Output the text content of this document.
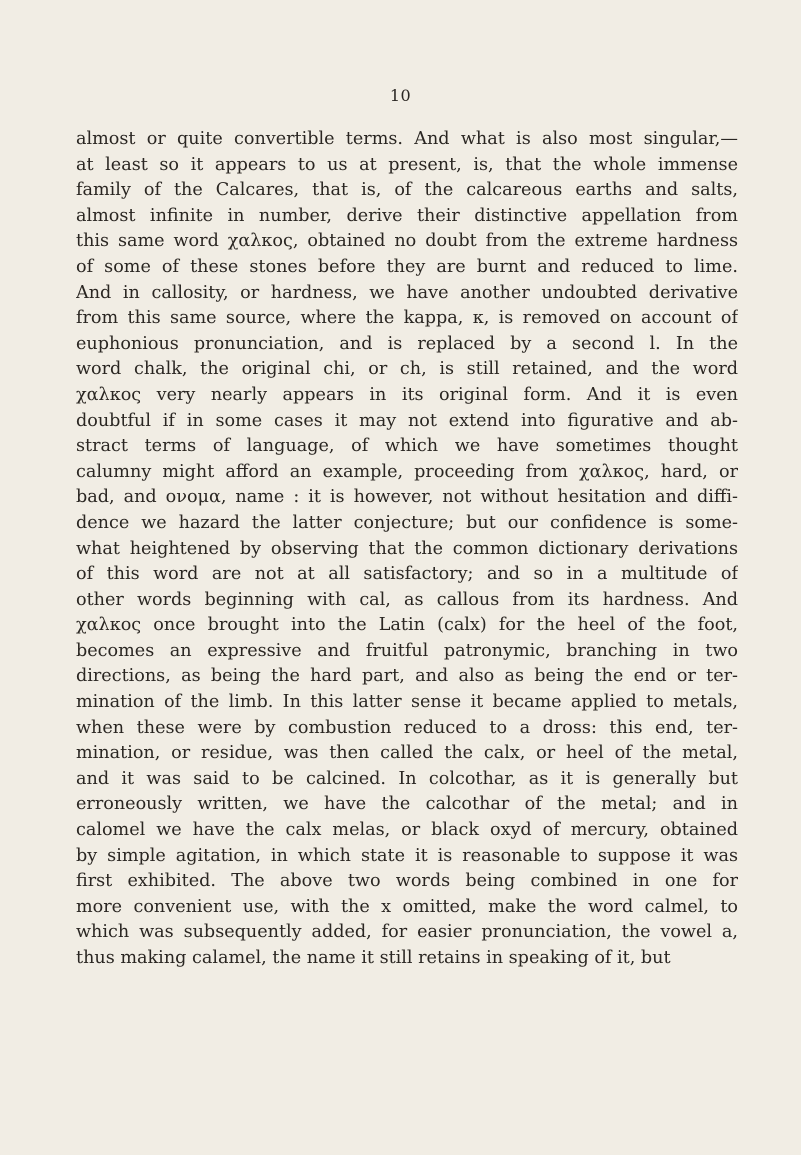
10
almost or quite convertible terms. And what is also most singular,—
at least so it appears to us at present, is, that the whole immense
family of the Calcares, that is, of the calcareous earths and salts,
almost infinite in number, derive their distinctive appellation from
this same word χαλκος, obtained no doubt from the extreme hardness
of some of these stones before they are burnt and reduced to lime.
And in callosity, or hardness, we have another undoubted derivative
from this same source, where the kappa, κ, is removed on account of
euphonious pronunciation, and is replaced by a second l. In the
word chalk, the original chi, or ch, is still retained, and the word
χαλκος very nearly appears in its original form. And it is even
doubtful if in some cases it may not extend into figurative and ab-
stract terms of language, of which we have sometimes thought
calumny might afford an example, proceeding from χαλκος, hard, or
bad, and ονομα, name : it is however, not without hesitation and diffi-
dence we hazard the latter conjecture; but our confidence is some-
what heightened by observing that the common dictionary derivations
of this word are not at all satisfactory; and so in a multitude of
other words beginning with cal, as callous from its hardness. And
χαλκος once brought into the Latin (calx) for the heel of the foot,
becomes an expressive and fruitful patronymic, branching in two
directions, as being the hard part, and also as being the end or ter-
mination of the limb. In this latter sense it became applied to metals,
when these were by combustion reduced to a dross: this end, ter-
mination, or residue, was then called the calx, or heel of the metal,
and it was said to be calcined. In colcothar, as it is generally but
erroneously written, we have the calcothar of the metal; and in
calomel we have the calx melas, or black oxyd of mercury, obtained
by simple agitation, in which state it is reasonable to suppose it was
first exhibited. The above two words being combined in one for
more convenient use, with the x omitted, make the word calmel, to
which was subsequently added, for easier pronunciation, the vowel a,
thus making calamel, the name it still retains in speaking of it, but
